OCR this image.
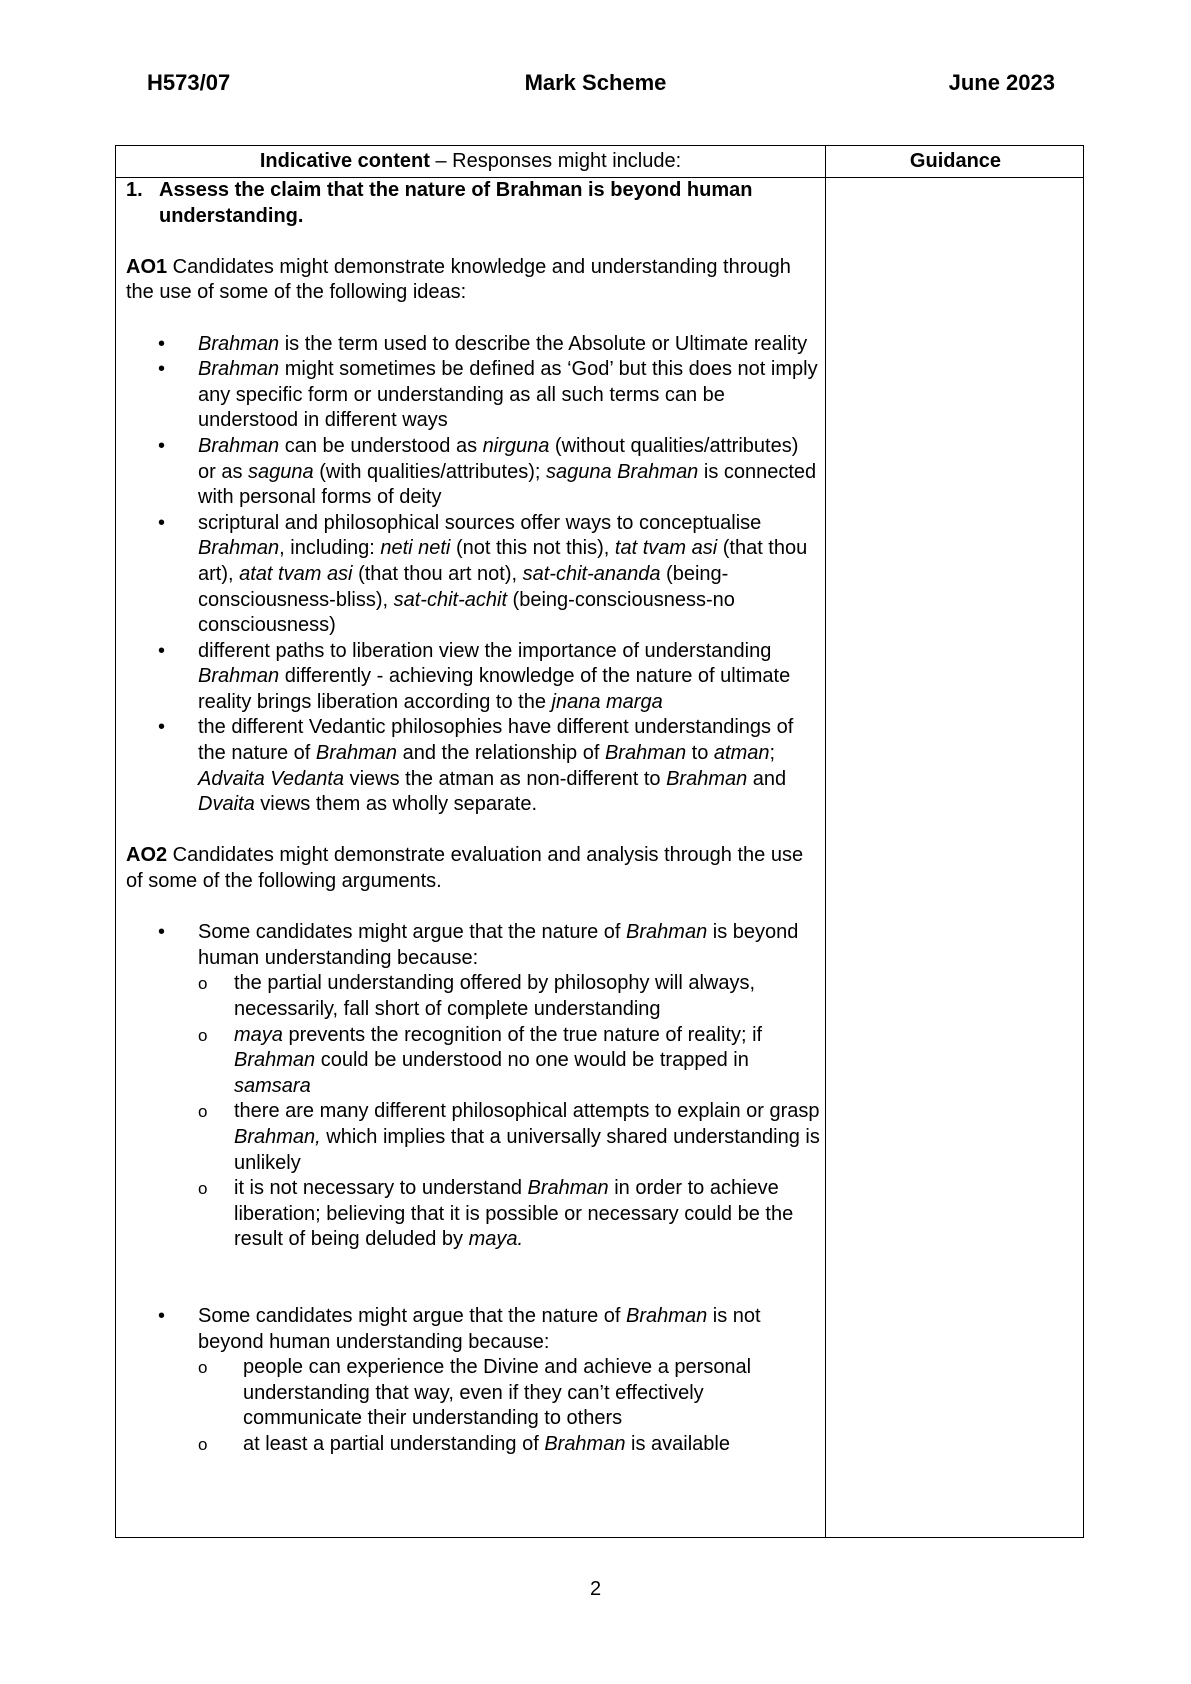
H573/07	Mark Scheme	June 2023
Indicative content – Responses might include:	Guidance
1. Assess the claim that the nature of Brahman is beyond human understanding.

AO1 Candidates might demonstrate knowledge and understanding through the use of some of the following ideas:

• Brahman is the term used to describe the Absolute or Ultimate reality
• Brahman might sometimes be defined as ‘God’ but this does not imply any specific form or understanding as all such terms can be understood in different ways
• Brahman can be understood as nirguna (without qualities/attributes) or as saguna (with qualities/attributes); saguna Brahman is connected with personal forms of deity
• scriptural and philosophical sources offer ways to conceptualise Brahman, including: neti neti (not this not this), tat tvam asi (that thou art), atat tvam asi (that thou art not), sat-chit-ananda (being-consciousness-bliss), sat-chit-achit (being-consciousness-no consciousness)
• different paths to liberation view the importance of understanding Brahman differently - achieving knowledge of the nature of ultimate reality brings liberation according to the jnana marga
• the different Vedantic philosophies have different understandings of the nature of Brahman and the relationship of Brahman to atman; Advaita Vedanta views the atman as non-different to Brahman and Dvaita views them as wholly separate.

AO2 Candidates might demonstrate evaluation and analysis through the use of some of the following arguments.

• Some candidates might argue that the nature of Brahman is beyond human understanding because:
o the partial understanding offered by philosophy will always, necessarily, fall short of complete understanding
o maya prevents the recognition of the true nature of reality; if Brahman could be understood no one would be trapped in samsara
o there are many different philosophical attempts to explain or grasp Brahman, which implies that a universally shared understanding is unlikely
o it is not necessary to understand Brahman in order to achieve liberation; believing that it is possible or necessary could be the result of being deluded by maya.
• Some candidates might argue that the nature of Brahman is not beyond human understanding because:
o people can experience the Divine and achieve a personal understanding that way, even if they can’t effectively communicate their understanding to others
o at least a partial understanding of Brahman is available
2
